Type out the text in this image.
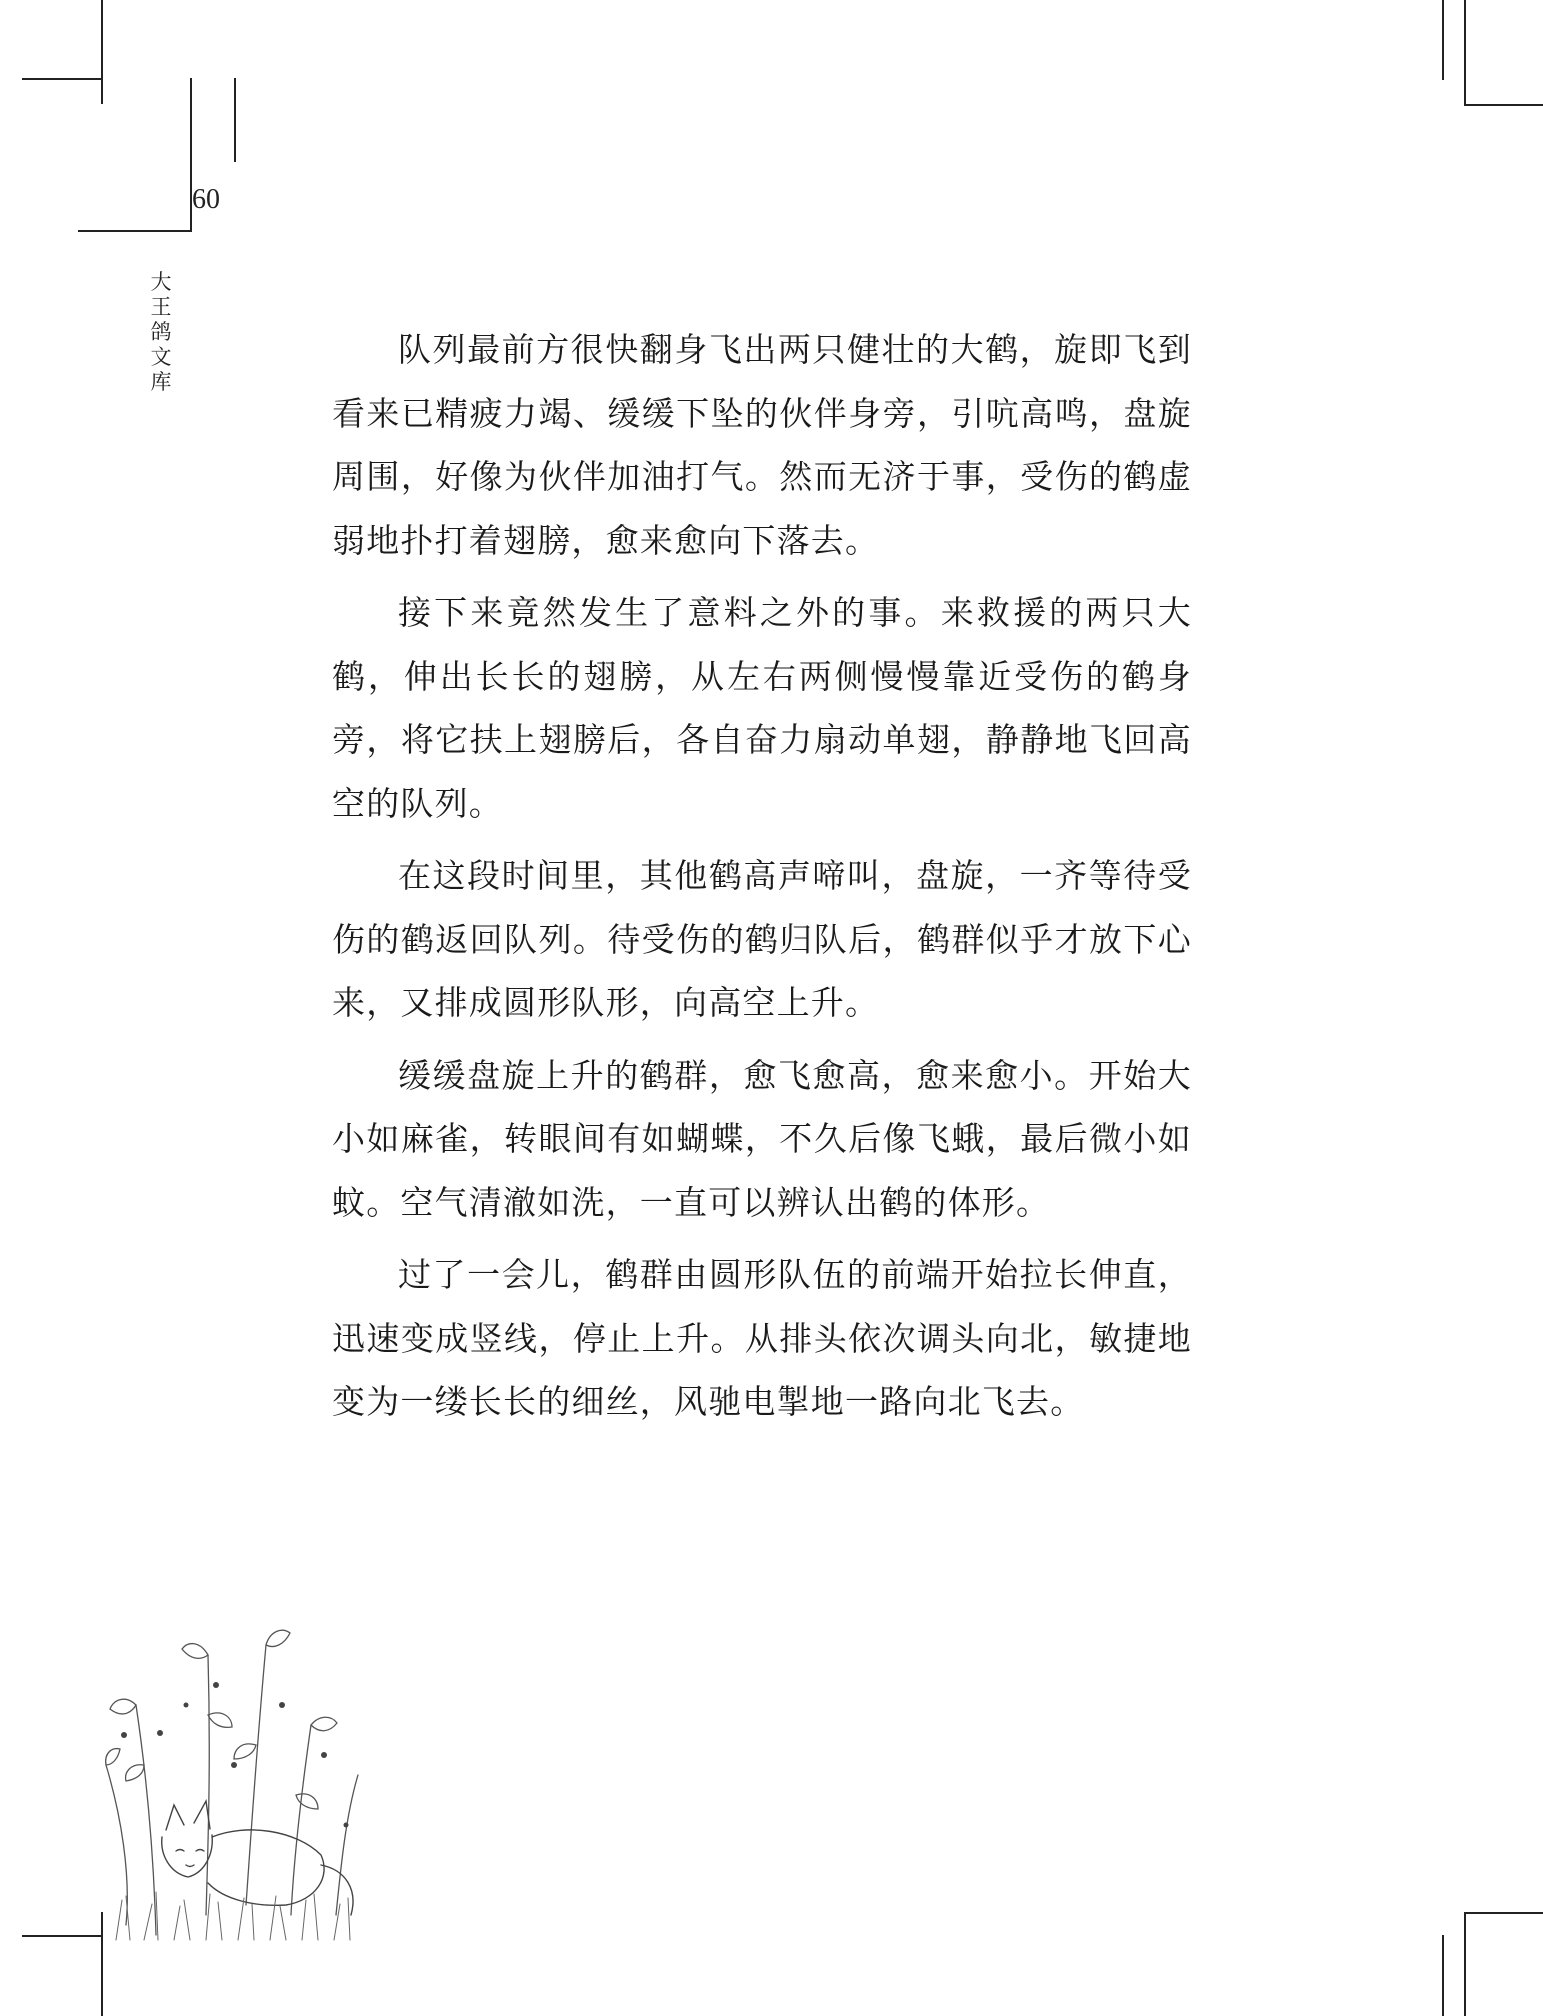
60
大王鸽文库

队列最前方很快翻身飞出两只健壮的大鹤，旋即飞到看来已精疲力竭、缓缓下坠的伙伴身旁，引吭高鸣，盘旋周围，好像为伙伴加油打气。然而无济于事，受伤的鹤虚弱地扑打着翅膀，愈来愈向下落去。

接下来竟然发生了意料之外的事。来救援的两只大鹤，伸出长长的翅膀，从左右两侧慢慢靠近受伤的鹤身旁，将它扶上翅膀后，各自奋力扇动单翅，静静地飞回高空的队列。

在这段时间里，其他鹤高声啼叫，盘旋，一齐等待受伤的鹤返回队列。待受伤的鹤归队后，鹤群似乎才放下心来，又排成圆形队形，向高空上升。

缓缓盘旋上升的鹤群，愈飞愈高，愈来愈小。开始大小如麻雀，转眼间有如蝴蝶，不久后像飞蛾，最后微小如蚊。空气清澈如洗，一直可以辨认出鹤的体形。

过了一会儿，鹤群由圆形队伍的前端开始拉长伸直，迅速变成竖线，停止上升。从排头依次调头向北，敏捷地变为一缕长长的细丝，风驰电掣地一路向北飞去。
